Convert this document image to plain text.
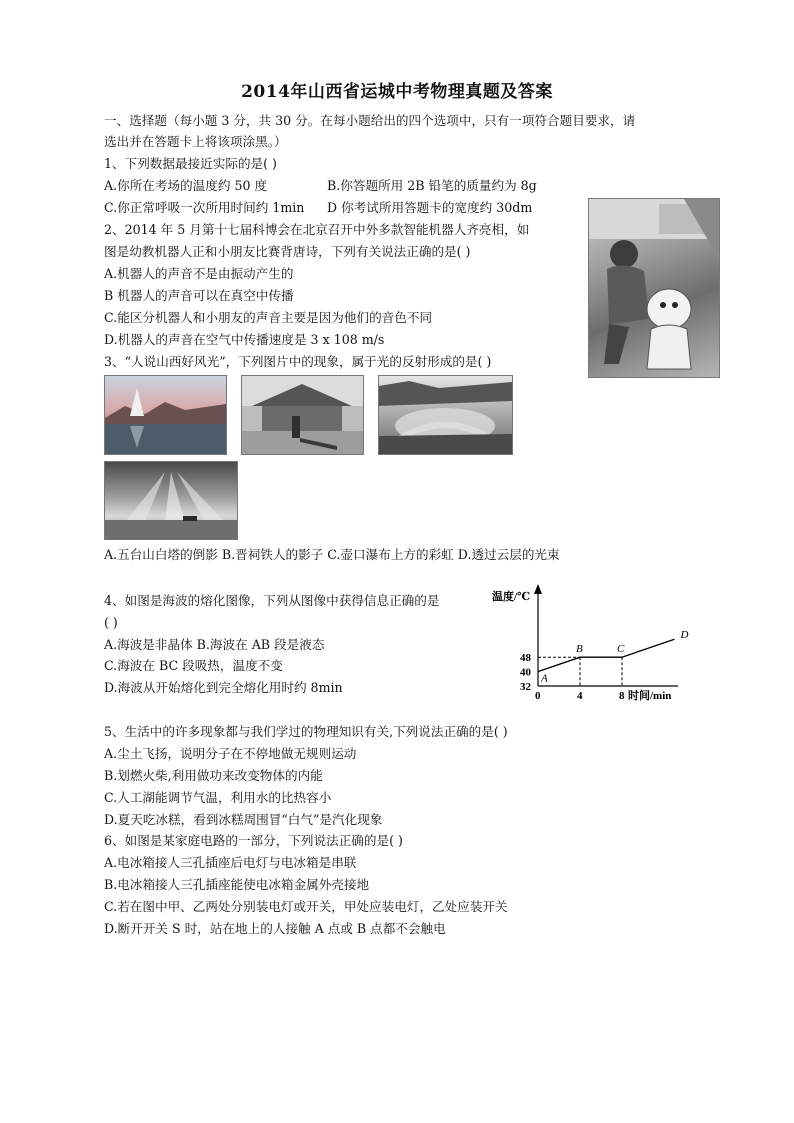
2014年山西省运城中考物理真题及答案
一、选择题（每小题 3 分，共 30 分。在每小题给出的四个选项中，只有一项符合题目要求，请
选出并在答题卡上将该项涂黑。）
1、下列数据最接近实际的是( )
A.你所在考场的温度约 50 度	B.你答题所用 2B 铅笔的质量约为 8g
C.你正常呼吸一次所用时间约 1min D 你考试所用答题卡的宽度约 30dm
2、2014 年 5 月第十七届科博会在北京召开中外多款智能机器人齐亮相，如
图是幼教机器人正和小朋友比赛背唐诗，下列有关说法正确的是( )
A.机器人的声音不是由振动产生的
B 机器人的声音可以在真空中传播
C.能区分机器人和小朋友的声音主要是因为他们的音色不同
D.机器人的声音在空气中传播速度是 3 x 108 m/s
3、“人说山西好风光”，下列图片中的现象，属于光的反射形成的是( )
A.五台山白塔的倒影 B.晋祠铁人的影子 C.壶口瀑布上方的彩虹 D.透过云层的光束
4、如图是海波的熔化图像，下列从图像中获得信息正确的是
( )
A.海波是非晶体 B.海波在 AB 段是液态
C.海波在 BC 段吸热，温度不变
D.海波从开始熔化到完全熔化用时约 8min
温度/℃
时间/min
0	4	8
32
40
48
A
B	C
D
5、生活中的许多现象都与我们学过的物理知识有关,下列说法正确的是( )
A.尘土飞扬，说明分子在不停地做无规则运动
B.划燃火柴,利用做功来改变物体的内能
C.人工湖能调节气温，利用水的比热容小
D.夏天吃冰糕，看到冰糕周围冒“白气”是汽化现象
6、如图是某家庭电路的一部分，下列说法正确的是( )
A.电冰箱接人三孔插座后电灯与电冰箱是串联
B.电冰箱接人三孔插座能使电冰箱金属外壳接地
C.若在图中甲、乙两处分别装电灯或开关，甲处应装电灯，乙处应装开关
D.断开开关 S 时，站在地上的人接触 A 点或 B 点都不会触电
